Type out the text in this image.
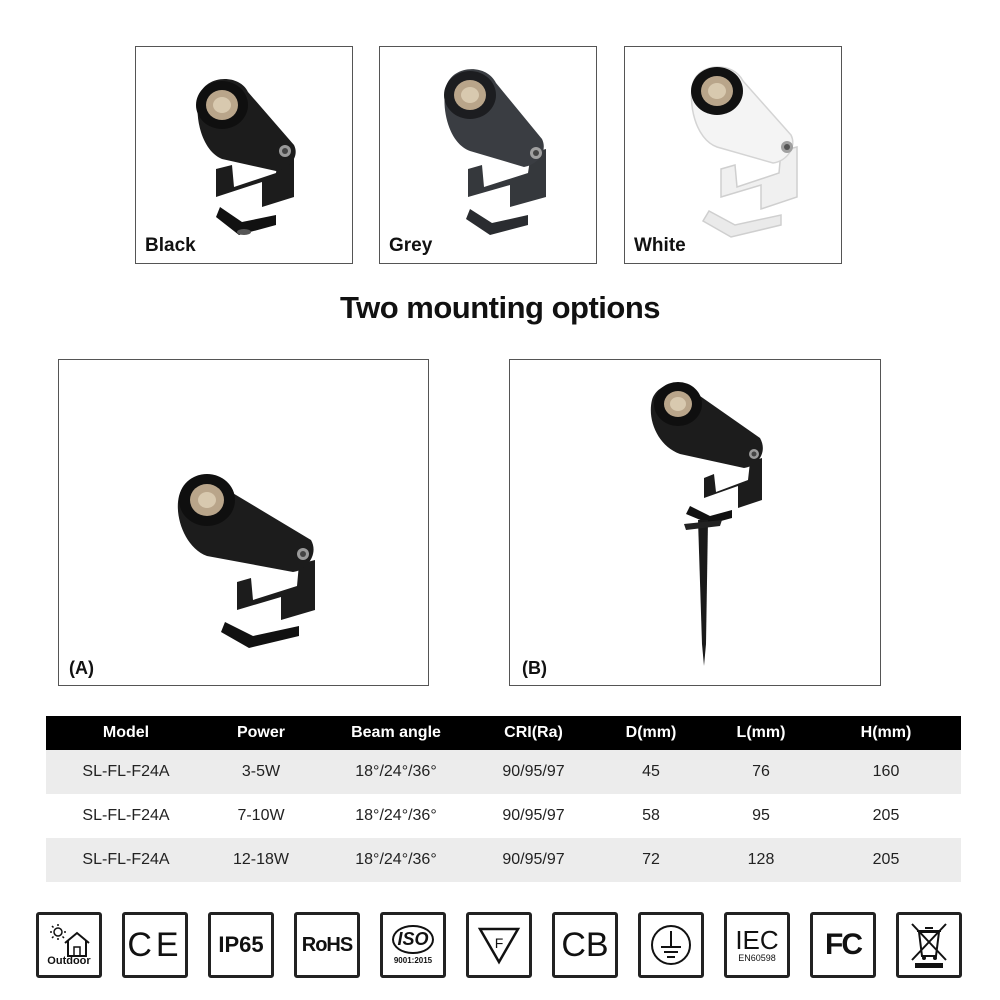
Black	Grey	White
Two mounting options
(A)	(B)
Model	Power	Beam angle	CRI(Ra)	D(mm)	L(mm)	H(mm)
SL-FL-F24A	3-5W	18°/24°/36°	90/95/97	45	76	160
SL-FL-F24A	7-10W	18°/24°/36°	90/95/97	58	95	205
SL-FL-F24A	12-18W	18°/24°/36°	90/95/97	72	128	205
Outdoor CE IP65 RoHS	ISO
9001:2015
F CB	IEC
EN60598 FC
